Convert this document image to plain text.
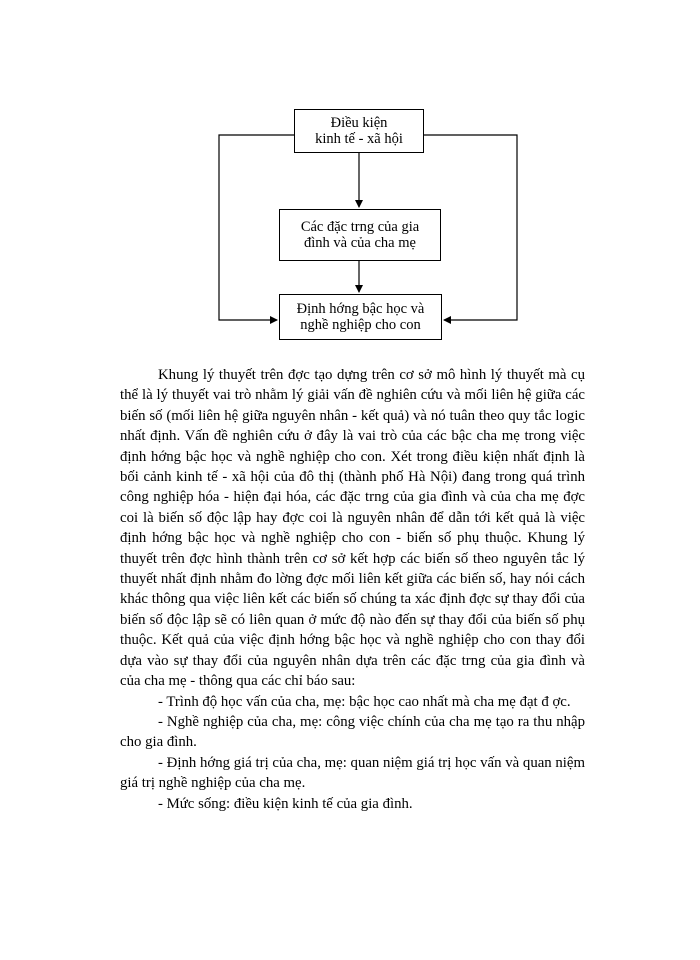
Điều kiện
kinh tế - xã hội
Các đặc trng của gia
đình và của cha mẹ
Định hớng bậc học và
nghề nghiệp cho con

Khung lý thuyết trên đợc tạo dựng trên cơ sở mô hình lý thuyết mà cụ thể là lý thuyết vai trò nhằm lý giải vấn đề nghiên cứu và mối liên hệ giữa các biến số (mối liên hệ giữa nguyên nhân - kết quả) và nó tuân theo quy tắc logic nhất định. Vấn đề nghiên cứu ở đây là vai trò của các bậc cha mẹ trong việc định hớng bậc học và nghề nghiệp cho con. Xét trong điều kiện nhất định là bối cảnh kinh tế - xã hội của đô thị (thành phố Hà Nội) đang trong quá trình công nghiệp hóa - hiện đại hóa, các đặc trng của gia đình và của cha mẹ đợc coi là biến số độc lập hay đợc coi là nguyên nhân để dẫn tới kết quả là việc định hớng bậc học và nghề nghiệp cho con - biến số phụ thuộc. Khung lý thuyết trên đợc hình thành trên cơ sở kết hợp các biến số theo nguyên tắc lý thuyết nhất định nhằm đo lờng đợc mối liên kết giữa các biến số, hay nói cách khác thông qua việc liên kết các biến số chúng ta xác định đợc sự thay đổi của biến số độc lập sẽ có liên quan ở mức độ nào đến sự thay đổi của biến số phụ thuộc. Kết quả của việc định hớng bậc học và nghề nghiệp cho con thay đổi dựa vào sự thay đổi của nguyên nhân dựa trên các đặc trng của gia đình và của cha mẹ - thông qua các chỉ báo sau:

- Trình độ học vấn của cha, mẹ: bậc học cao nhất mà cha mẹ đạt đ ợc.

- Nghề nghiệp của cha, mẹ: công việc chính của cha mẹ tạo ra thu nhập cho gia đình.

- Định hớng giá trị của cha, mẹ: quan niệm giá trị học vấn và quan niệm giá trị nghề nghiệp của cha mẹ.

- Mức sống: điều kiện kinh tế của gia đình.
